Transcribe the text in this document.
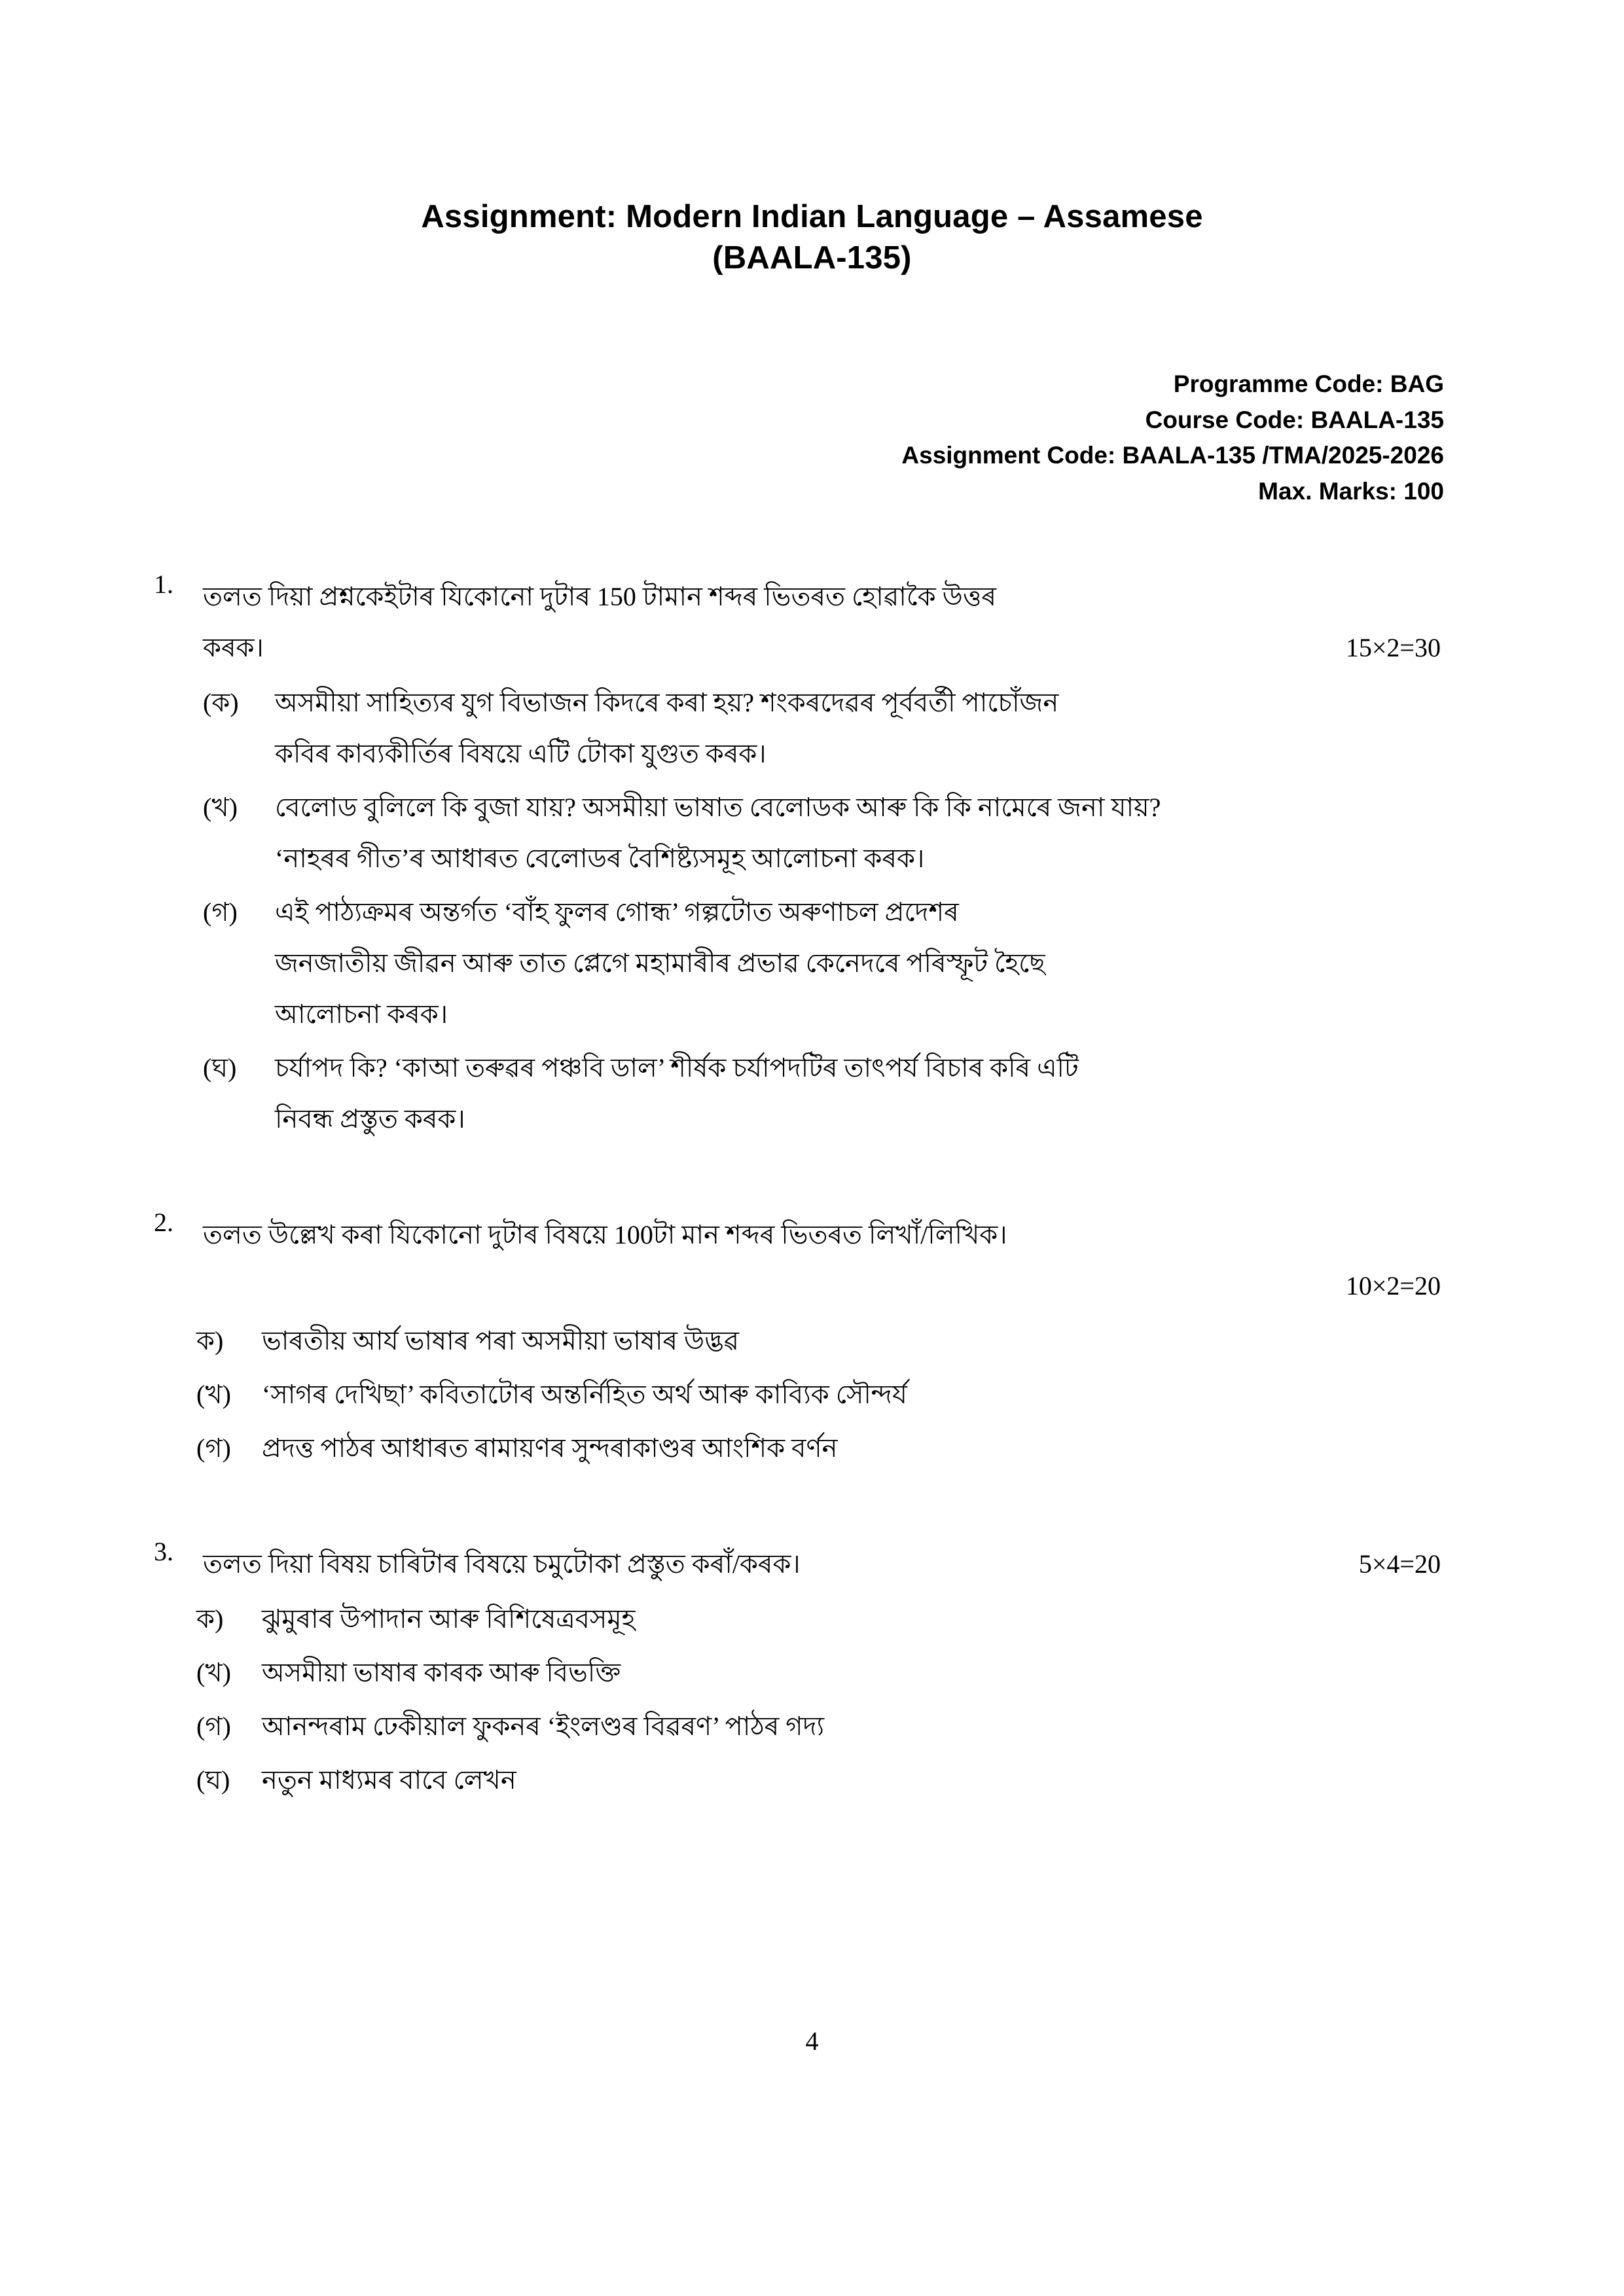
Assignment: Modern Indian Language – Assamese
(BAALA-135)
Programme Code: BAG
Course Code: BAALA-135
Assignment Code: BAALA-135 /TMA/2025-2026
Max. Marks: 100
1. তলত দিয়া প্ৰশ্নকেইটাৰ যিকোনো দুটাৰ 150 টামান শব্দৰ ভিতৰত হোৱাকৈ উত্তৰ
15×2=30
কৰক।
(ক)	অসমীয়া সাহিত্যৰ যুগ বিভাজন কিদৰে কৰা হয়? শংকৰদেৱৰ পূৰ্ববৰ্তী পাচোঁজন
কবিৰ কাব্যকীৰ্তিৰ বিষয়ে এটি টোকা যুগুত কৰক।
(খ)	বেলোড বুলিলে কি বুজা যায়? অসমীয়া ভাষাত বেলোডক আৰু কি কি নামেৰে জনা যায়?
‘নাহৰৰ গীত’ৰ আধাৰত বেলোডৰ বৈশিষ্ট্যসমূহ আলোচনা কৰক।
(গ)	এই পাঠ্যক্ৰমৰ অন্তৰ্গত ‘বাঁহ ফুলৰ গোন্ধ’ গল্পটোত অৰুণাচল প্ৰদেশৰ
জনজাতীয় জীৱন আৰু তাত প্লেগে মহামাৰীৰ প্ৰভাৱ কেনেদৰে পৰিস্ফূট হৈছে
আলোচনা কৰক।
(ঘ)	চৰ্যাপদ কি? ‘কাআ তৰুৱৰ পঞ্চবি ডাল’ শীৰ্ষক চৰ্যাপদটিৰ তাৎপৰ্য বিচাৰ কৰি এটি
নিবন্ধ প্ৰস্তুত কৰক।
2. তলত উল্লেখ কৰা যিকোনো দুটাৰ বিষয়ে 100টা মান শব্দৰ ভিতৰত লিখাঁ/লিখিক।
10×2=20
ক)	ভাৰতীয় আৰ্য ভাষাৰ পৰা অসমীয়া ভাষাৰ উদ্ভৱ
(খ)	‘সাগৰ দেখিছা’ কবিতাটোৰ অন্তৰ্নিহিত অৰ্থ আৰু কাব্যিক সৌন্দৰ্য
(গ)	প্ৰদত্ত পাঠৰ আধাৰত ৰামায়ণৰ সুন্দৰাকাণ্ডৰ আংশিক বৰ্ণন
3.	5×4=20
তলত দিয়া বিষয় চাৰিটাৰ বিষয়ে চমুটোকা প্ৰস্তুত কৰাঁ/কৰক।
ক)	ঝুমুৰাৰ উপাদান আৰু বিশিষেত্ৰবসমূহ
(খ)	অসমীয়া ভাষাৰ কাৰক আৰু বিভক্তি
(গ)	আনন্দৰাম ঢেকীয়াল ফুকনৰ ‘ইংলণ্ডৰ বিৱৰণ’ পাঠৰ গদ্য
(ঘ)	নতুন মাধ্যমৰ বাবে লেখন
4
